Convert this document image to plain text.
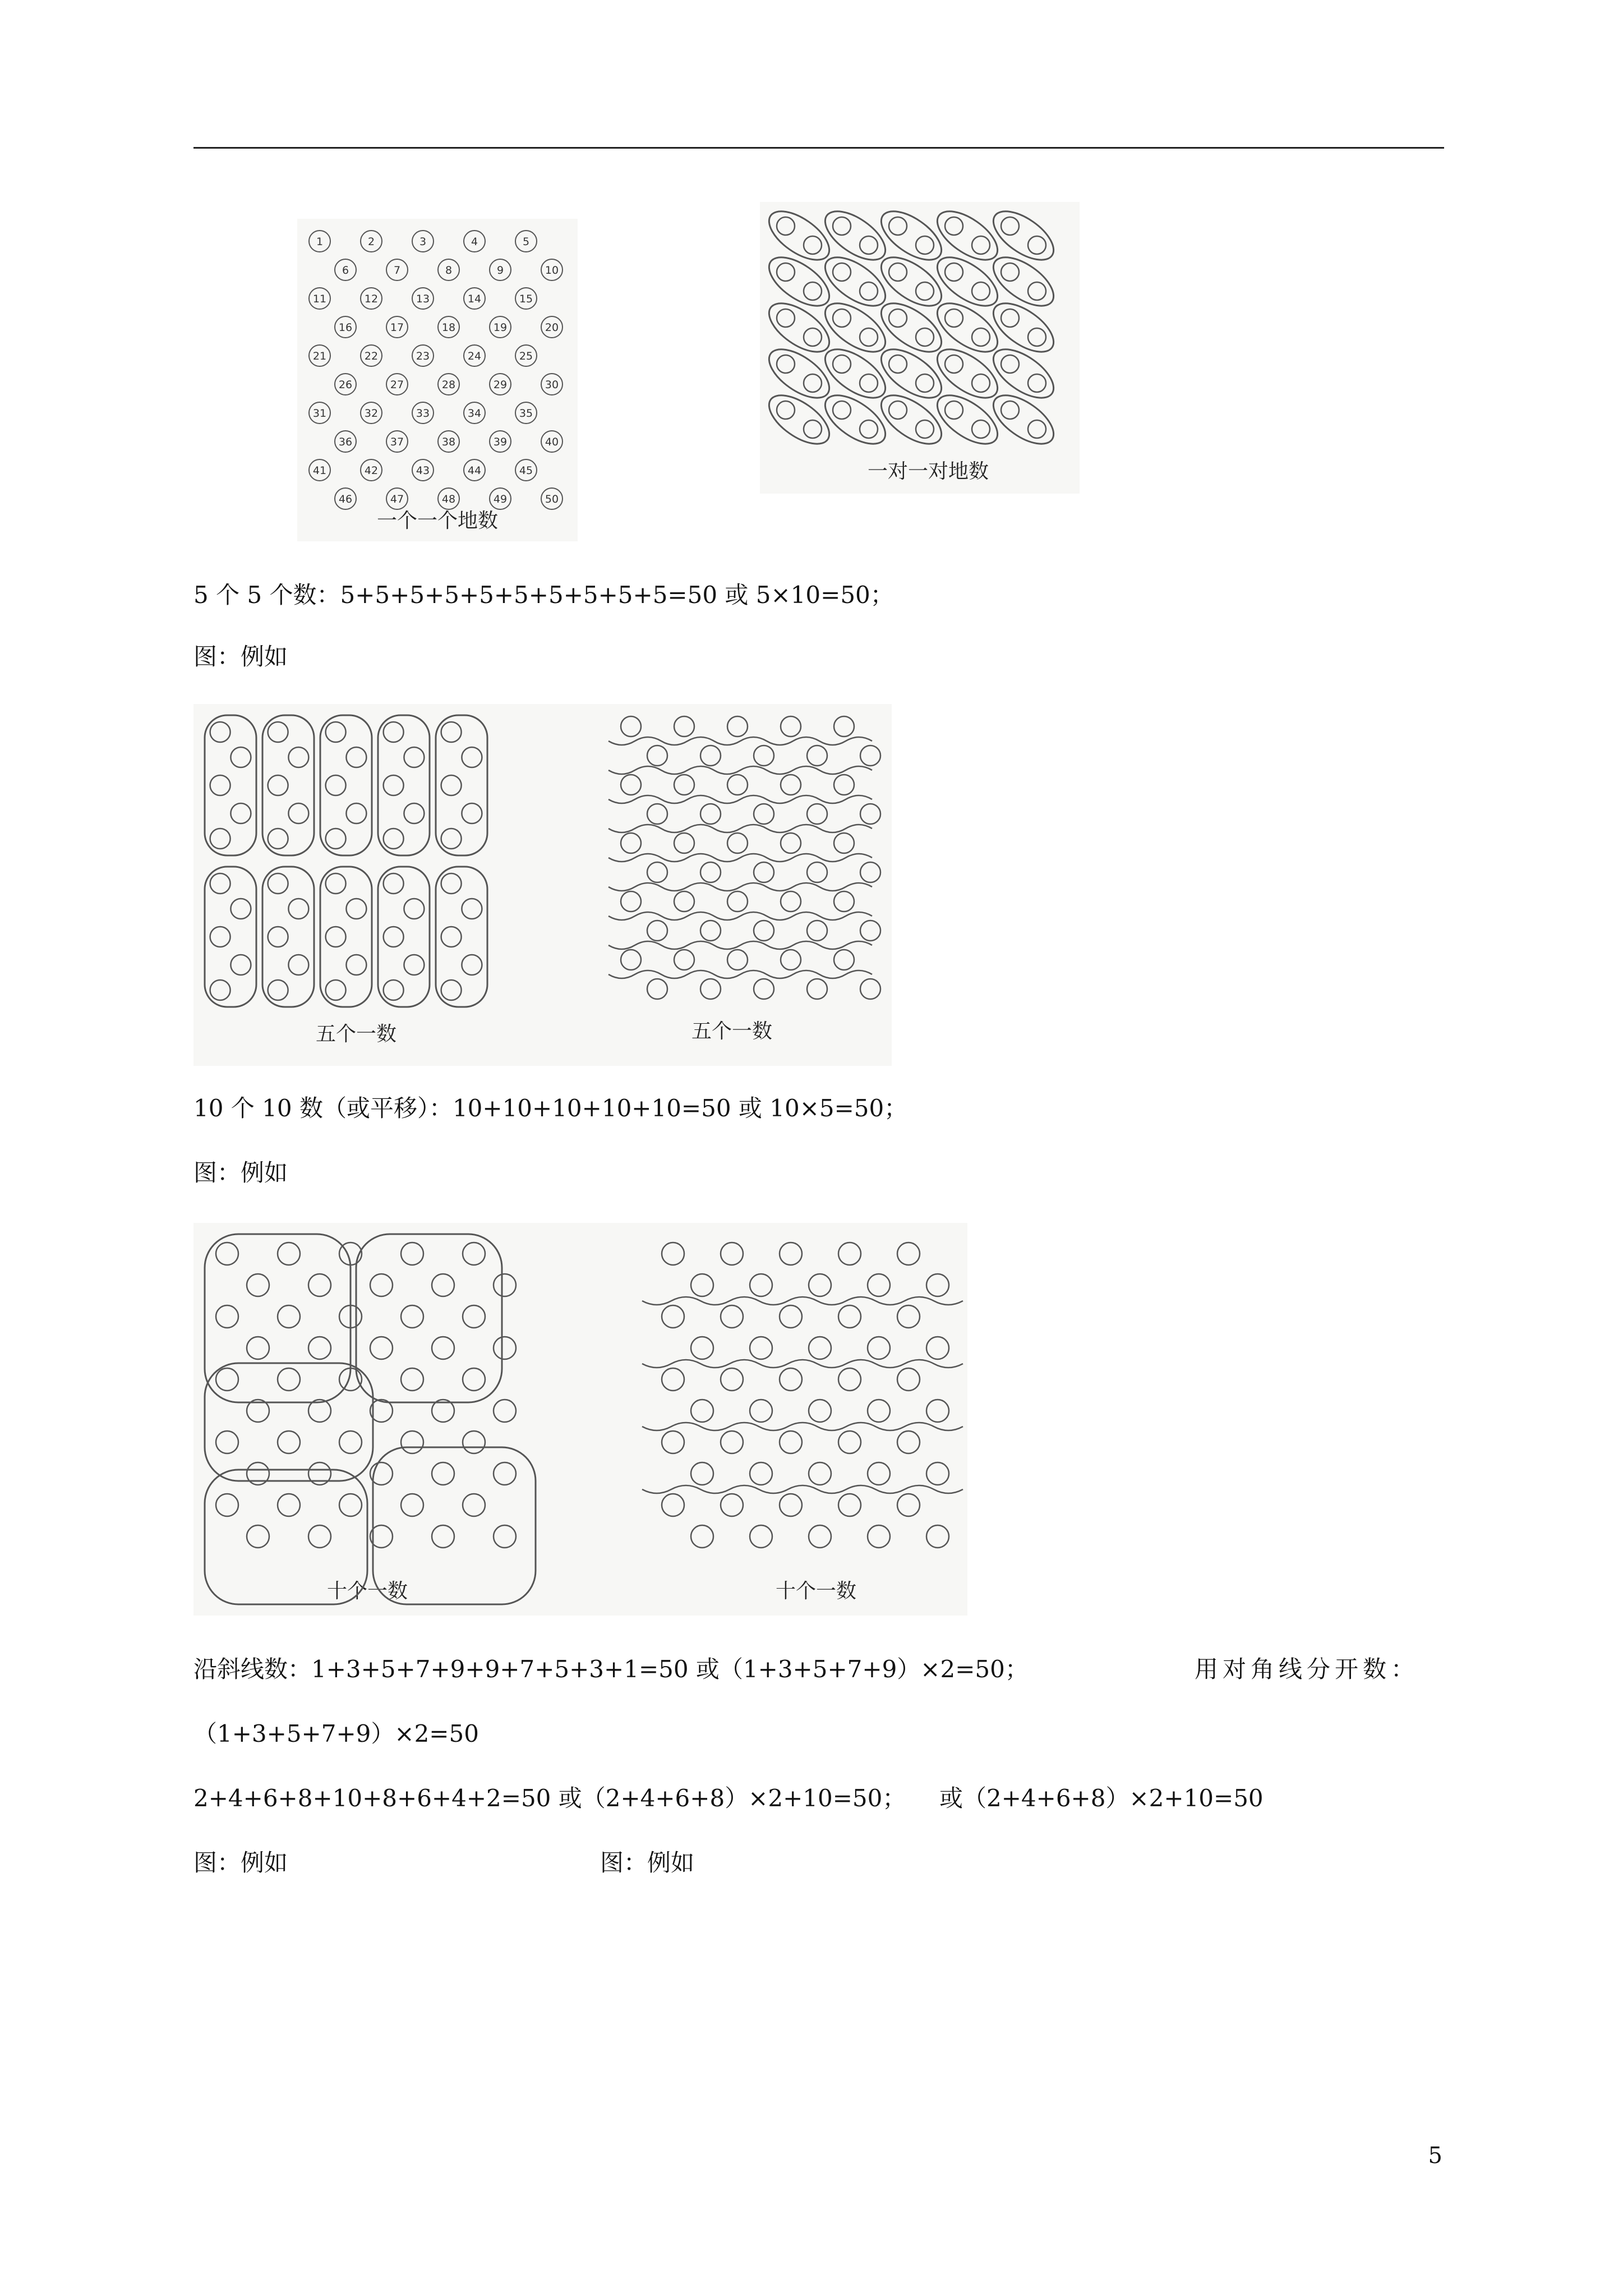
一个一个地数
1	2	3	4	5
6	7	8	9	10
11	12	13	14	15
16	17	18	19	20
21	22	23	24	25
26	27	28	29	30
31	32	33	34	35
36	37	38	39	40
41	42	43	44	45
46	47	48	49	50
一对一对地数
5 个 5 个数：5+5+5+5+5+5+5+5+5+5=50 或 5×10=50；
图：例如
五个一数	五个一数
10 个 10 数（或平移）：10+10+10+10+10=50 或 10×5=50；
图：例如
十个一数	十个一数
沿斜线数：1+3+5+7+9+9+7+5+3+1=50 或（1+3+5+7+9）×2=50；	用对角线分开数：
（1+3+5+7+9）×2=50
2+4+6+8+10+8+6+4+2=50 或（2+4+6+8）×2+10=50； 或（2+4+6+8）×2+10=50
图：例如	图：例如
5
